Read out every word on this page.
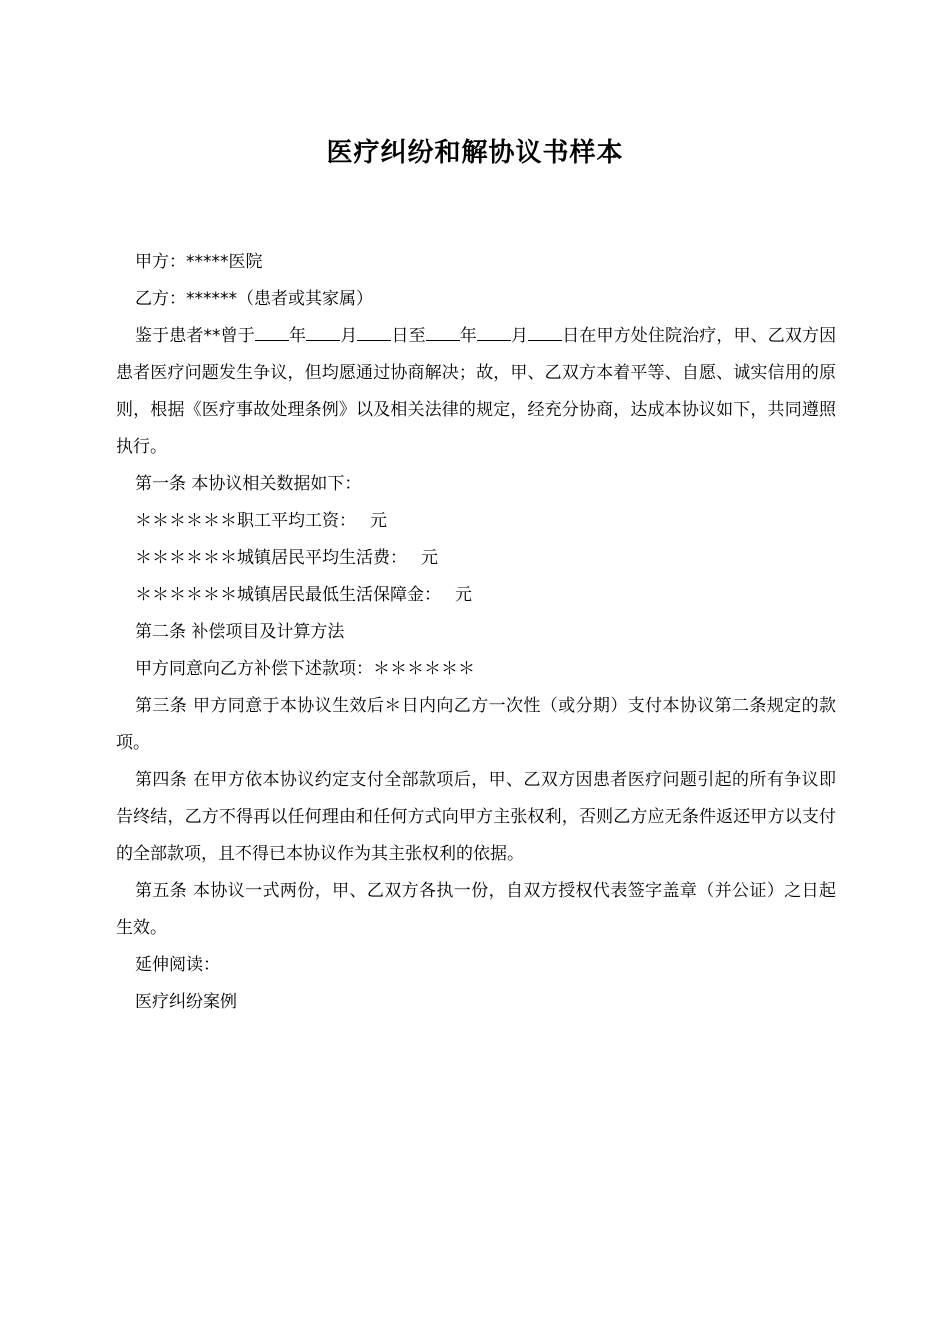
医疗纠纷和解协议书样本

甲方：*****医院

乙方：******（患者或其家属）

鉴于患者**曾于 年 月 日至 年 月 日在甲方处住院治疗，甲、乙双方因患者医疗问题发生争议，但均愿通过协商解决；故，甲、乙双方本着平等、自愿、诚实信用的原则，根据《医疗事故处理条例》以及相关法律的规定，经充分协商，达成本协议如下，共同遵照执行。

第一条 本协议相关数据如下：

＊＊＊＊＊＊职工平均工资： 元

＊＊＊＊＊＊城镇居民平均生活费： 元

＊＊＊＊＊＊城镇居民最低生活保障金： 元

第二条 补偿项目及计算方法

甲方同意向乙方补偿下述款项：＊＊＊＊＊＊

第三条 甲方同意于本协议生效后＊日内向乙方一次性（或分期）支付本协议第二条规定的款项。

第四条 在甲方依本协议约定支付全部款项后，甲、乙双方因患者医疗问题引起的所有争议即告终结，乙方不得再以任何理由和任何方式向甲方主张权利，否则乙方应无条件返还甲方以支付的全部款项，且不得已本协议作为其主张权利的依据。

第五条 本协议一式两份，甲、乙双方各执一份，自双方授权代表签字盖章（并公证）之日起生效。

延伸阅读：

医疗纠纷案例
